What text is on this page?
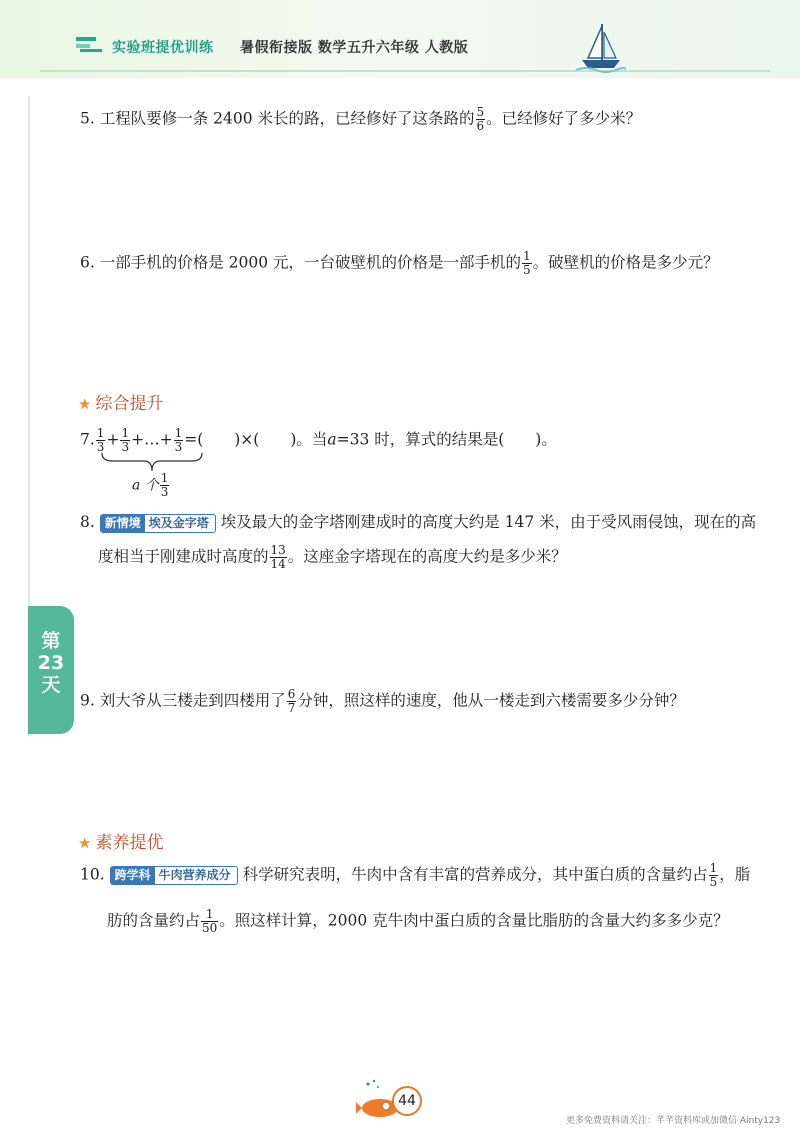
实验班提优训练 暑假衔接版 数学五升六年级 人教版
5. 工程队要修一条 2400 米长的路，已经修好了这条路的 $\frac{5}{6}$ 。已经修好了多少米？
6. 一部手机的价格是 2000 元，一台破壁机的价格是一部手机的 $\frac{1}{5}$ 。破壁机的价格是多少元？
★ 综合提升
7. $\frac{1}{3} + \frac{1}{3}$ +…+ $\frac{1}{3}$ =(　　)×(　　)。当a=33 时，算式的结果是(　　)。
a 个 $\frac{1}{3}$
8. 新情境 埃及金字塔 埃及最大的金字塔刚建成时的高度大约是 147 米，由于受风雨侵蚀，现在的高
度相当于刚建成时高度的 $\frac{13}{14}$ 。这座金字塔现在的高度大约是多少米？
第23天
9. 刘大爷从三楼走到四楼用了 $\frac{6}{7}$ 分钟，照这样的速度，他从一楼走到六楼需要多少分钟？
★ 素养提优
10. 跨学科 牛肉营养成分 科学研究表明，牛肉中含有丰富的营养成分，其中蛋白质的含量约占 $\frac{1}{5}$ ，脂
肪的含量约占 $\frac{1}{50}$ 。照这样计算，2000 克牛肉中蛋白质的含量比脂肪的含量大约多多少克？
44
更多免费资料请关注：芊芊资料库或加微信 Ainty123
